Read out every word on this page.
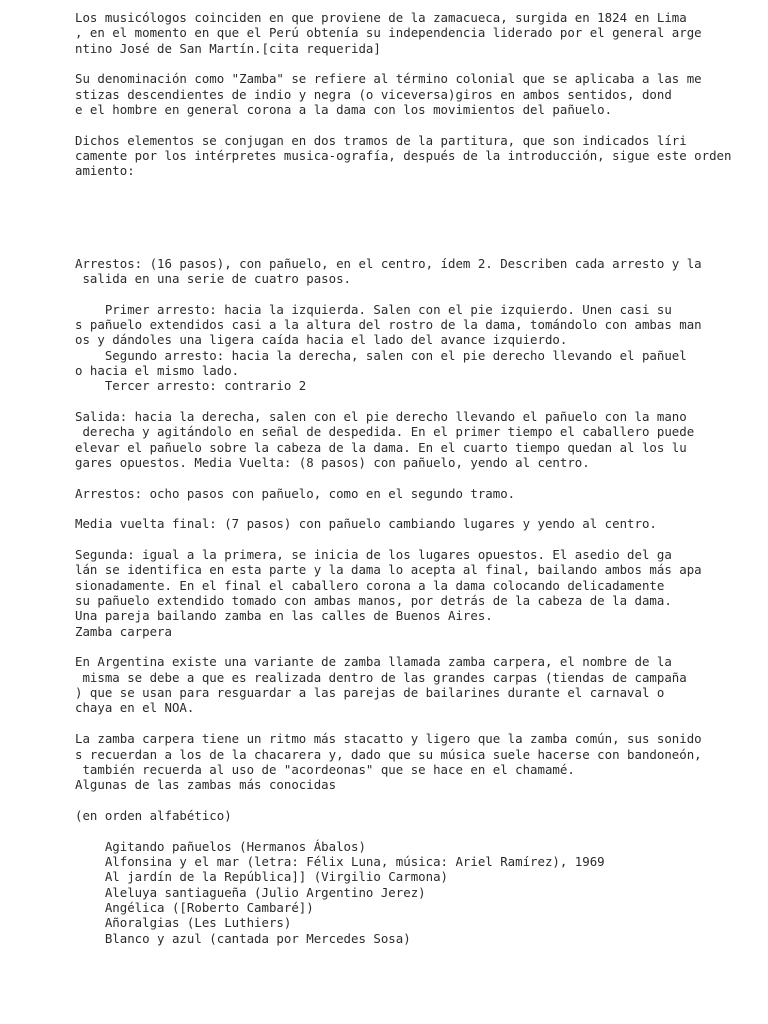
Los musicólogos coinciden en que proviene de la zamacueca, surgida en 1824 en Lima
, en el momento en que el Perú obtenía su independencia liderado por el general arge
ntino José de San Martín.[cita requerida]
Su denominación como "Zamba" se refiere al término colonial que se aplicaba a las me
stizas descendientes de indio y negra (o viceversa)giros en ambos sentidos, dond
e el hombre en general corona a la dama con los movimientos del pañuelo.
Dichos elementos se conjugan en dos tramos de la partitura, que son indicados líri
camente por los intérpretes musica-ografía, después de la introducción, sigue este orden
amiento:
Arrestos: (16 pasos), con pañuelo, en el centro, ídem 2. Describen cada arresto y la
salida en una serie de cuatro pasos.
Primer arresto: hacia la izquierda. Salen con el pie izquierdo. Unen casi su
s pañuelo extendidos casi a la altura del rostro de la dama, tomándolo con ambas man
os y dándoles una ligera caída hacia el lado del avance izquierdo.
Segundo arresto: hacia la derecha, salen con el pie derecho llevando el pañuel
o hacia el mismo lado.
Tercer arresto: contrario 2
Salida: hacia la derecha, salen con el pie derecho llevando el pañuelo con la mano
derecha y agitándolo en señal de despedida. En el primer tiempo el caballero puede
elevar el pañuelo sobre la cabeza de la dama. En el cuarto tiempo quedan al los lu
gares opuestos. Media Vuelta: (8 pasos) con pañuelo, yendo al centro.
Arrestos: ocho pasos con pañuelo, como en el segundo tramo.
Media vuelta final: (7 pasos) con pañuelo cambiando lugares y yendo al centro.
Segunda: igual a la primera, se inicia de los lugares opuestos. El asedio del ga
lán se identifica en esta parte y la dama lo acepta al final, bailando ambos más apa
sionadamente. En el final el caballero corona a la dama colocando delicadamente
su pañuelo extendido tomado con ambas manos, por detrás de la cabeza de la dama.
Una pareja bailando zamba en las calles de Buenos Aires.
Zamba carpera
En Argentina existe una variante de zamba llamada zamba carpera, el nombre de la
misma se debe a que es realizada dentro de las grandes carpas (tiendas de campaña
) que se usan para resguardar a las parejas de bailarines durante el carnaval o
chaya en el NOA.
La zamba carpera tiene un ritmo más stacatto y ligero que la zamba común, sus sonido
s recuerdan a los de la chacarera y, dado que su música suele hacerse con bandoneón,
también recuerda al uso de "acordeonas" que se hace en el chamamé.
Algunas de las zambas más conocidas
(en orden alfabético)
Agitando pañuelos (Hermanos Ábalos)
Alfonsina y el mar (letra: Félix Luna, música: Ariel Ramírez), 1969
Al jardín de la República]] (Virgilio Carmona)
Aleluya santiagueña (Julio Argentino Jerez)
Angélica ([Roberto Cambaré])
Añoralgias (Les Luthiers)
Blanco y azul (cantada por Mercedes Sosa)
